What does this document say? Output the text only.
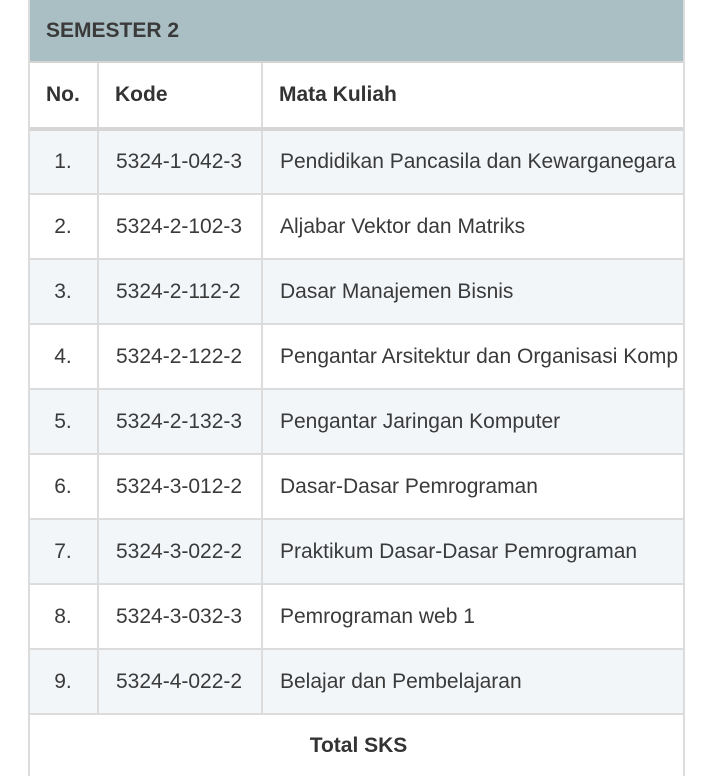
SEMESTER 2
No.	Kode	Mata Kuliah
1.	5324-1-042-3	Pendidikan Pancasila dan Kewarganegara
2.	5324-2-102-3	Aljabar Vektor dan Matriks
3.	5324-2-112-2	Dasar Manajemen Bisnis
4.	5324-2-122-2	Pengantar Arsitektur dan Organisasi Komp
5.	5324-2-132-3	Pengantar Jaringan Komputer
6.	5324-3-012-2	Dasar-Dasar Pemrograman
7.	5324-3-022-2	Praktikum Dasar-Dasar Pemrograman
8.	5324-3-032-3	Pemrograman web 1
9.	5324-4-022-2	Belajar dan Pembelajaran
Total SKS		
